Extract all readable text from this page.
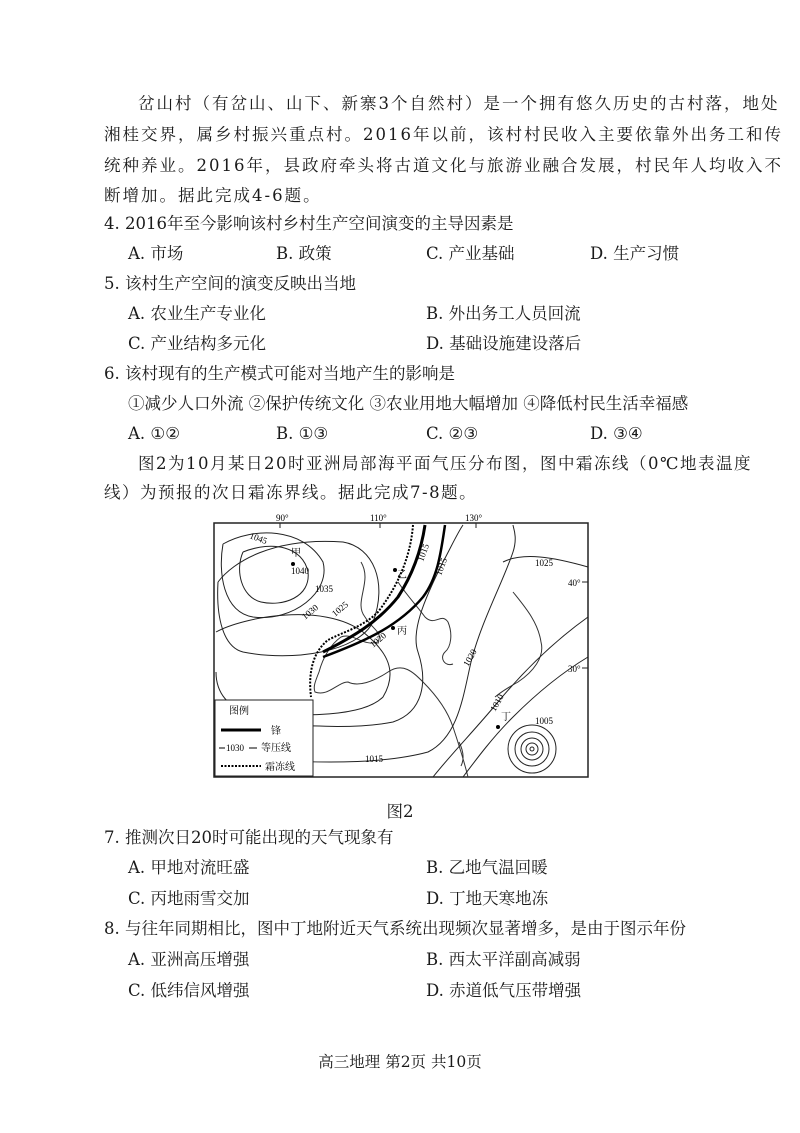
岔山村（有岔山、山下、新寨3个自然村）是一个拥有悠久历史的古村落，地处
湘桂交界，属乡村振兴重点村。2016年以前，该村村民收入主要依靠外出务工和传
统种养业。2016年，县政府牵头将古道文化与旅游业融合发展，村民年人均收入不
断增加。据此完成4-6题。
4. 2016年至今影响该村乡村生产空间演变的主导因素是
A. 市场	B. 政策	C. 产业基础	D. 生产习惯
5. 该村生产空间的演变反映出当地
A. 农业生产专业化	B. 外出务工人员回流
C. 产业结构多元化	D. 基础设施建设落后
6. 该村现有的生产模式可能对当地产生的影响是
①减少人口外流 ②保护传统文化 ③农业用地大幅增加 ④降低村民生活幸福感
A. ①②	B. ①③	C. ②③	D. ③④
图2为10月某日20时亚洲局部海平面气压分布图，图中霜冻线（0℃地表温度
线）为预报的次日霜冻界线。据此完成7-8题。
90°	110°	130°
40°
30°
甲
乙
丙
丁
1045
1040
1035
1030 1025
1020
1015
1015
1025
1020
1010
1005
1015
图例
锋
1030 等压线
霜冻线
图2
7. 推测次日20时可能出现的天气现象有
A. 甲地对流旺盛	B. 乙地气温回暖
C. 丙地雨雪交加	D. 丁地天寒地冻
8. 与往年同期相比，图中丁地附近天气系统出现频次显著增多，是由于图示年份
A. 亚洲高压增强	B. 西太平洋副高减弱
C. 低纬信风增强	D. 赤道低气压带增强
高三地理 第2页 共10页
